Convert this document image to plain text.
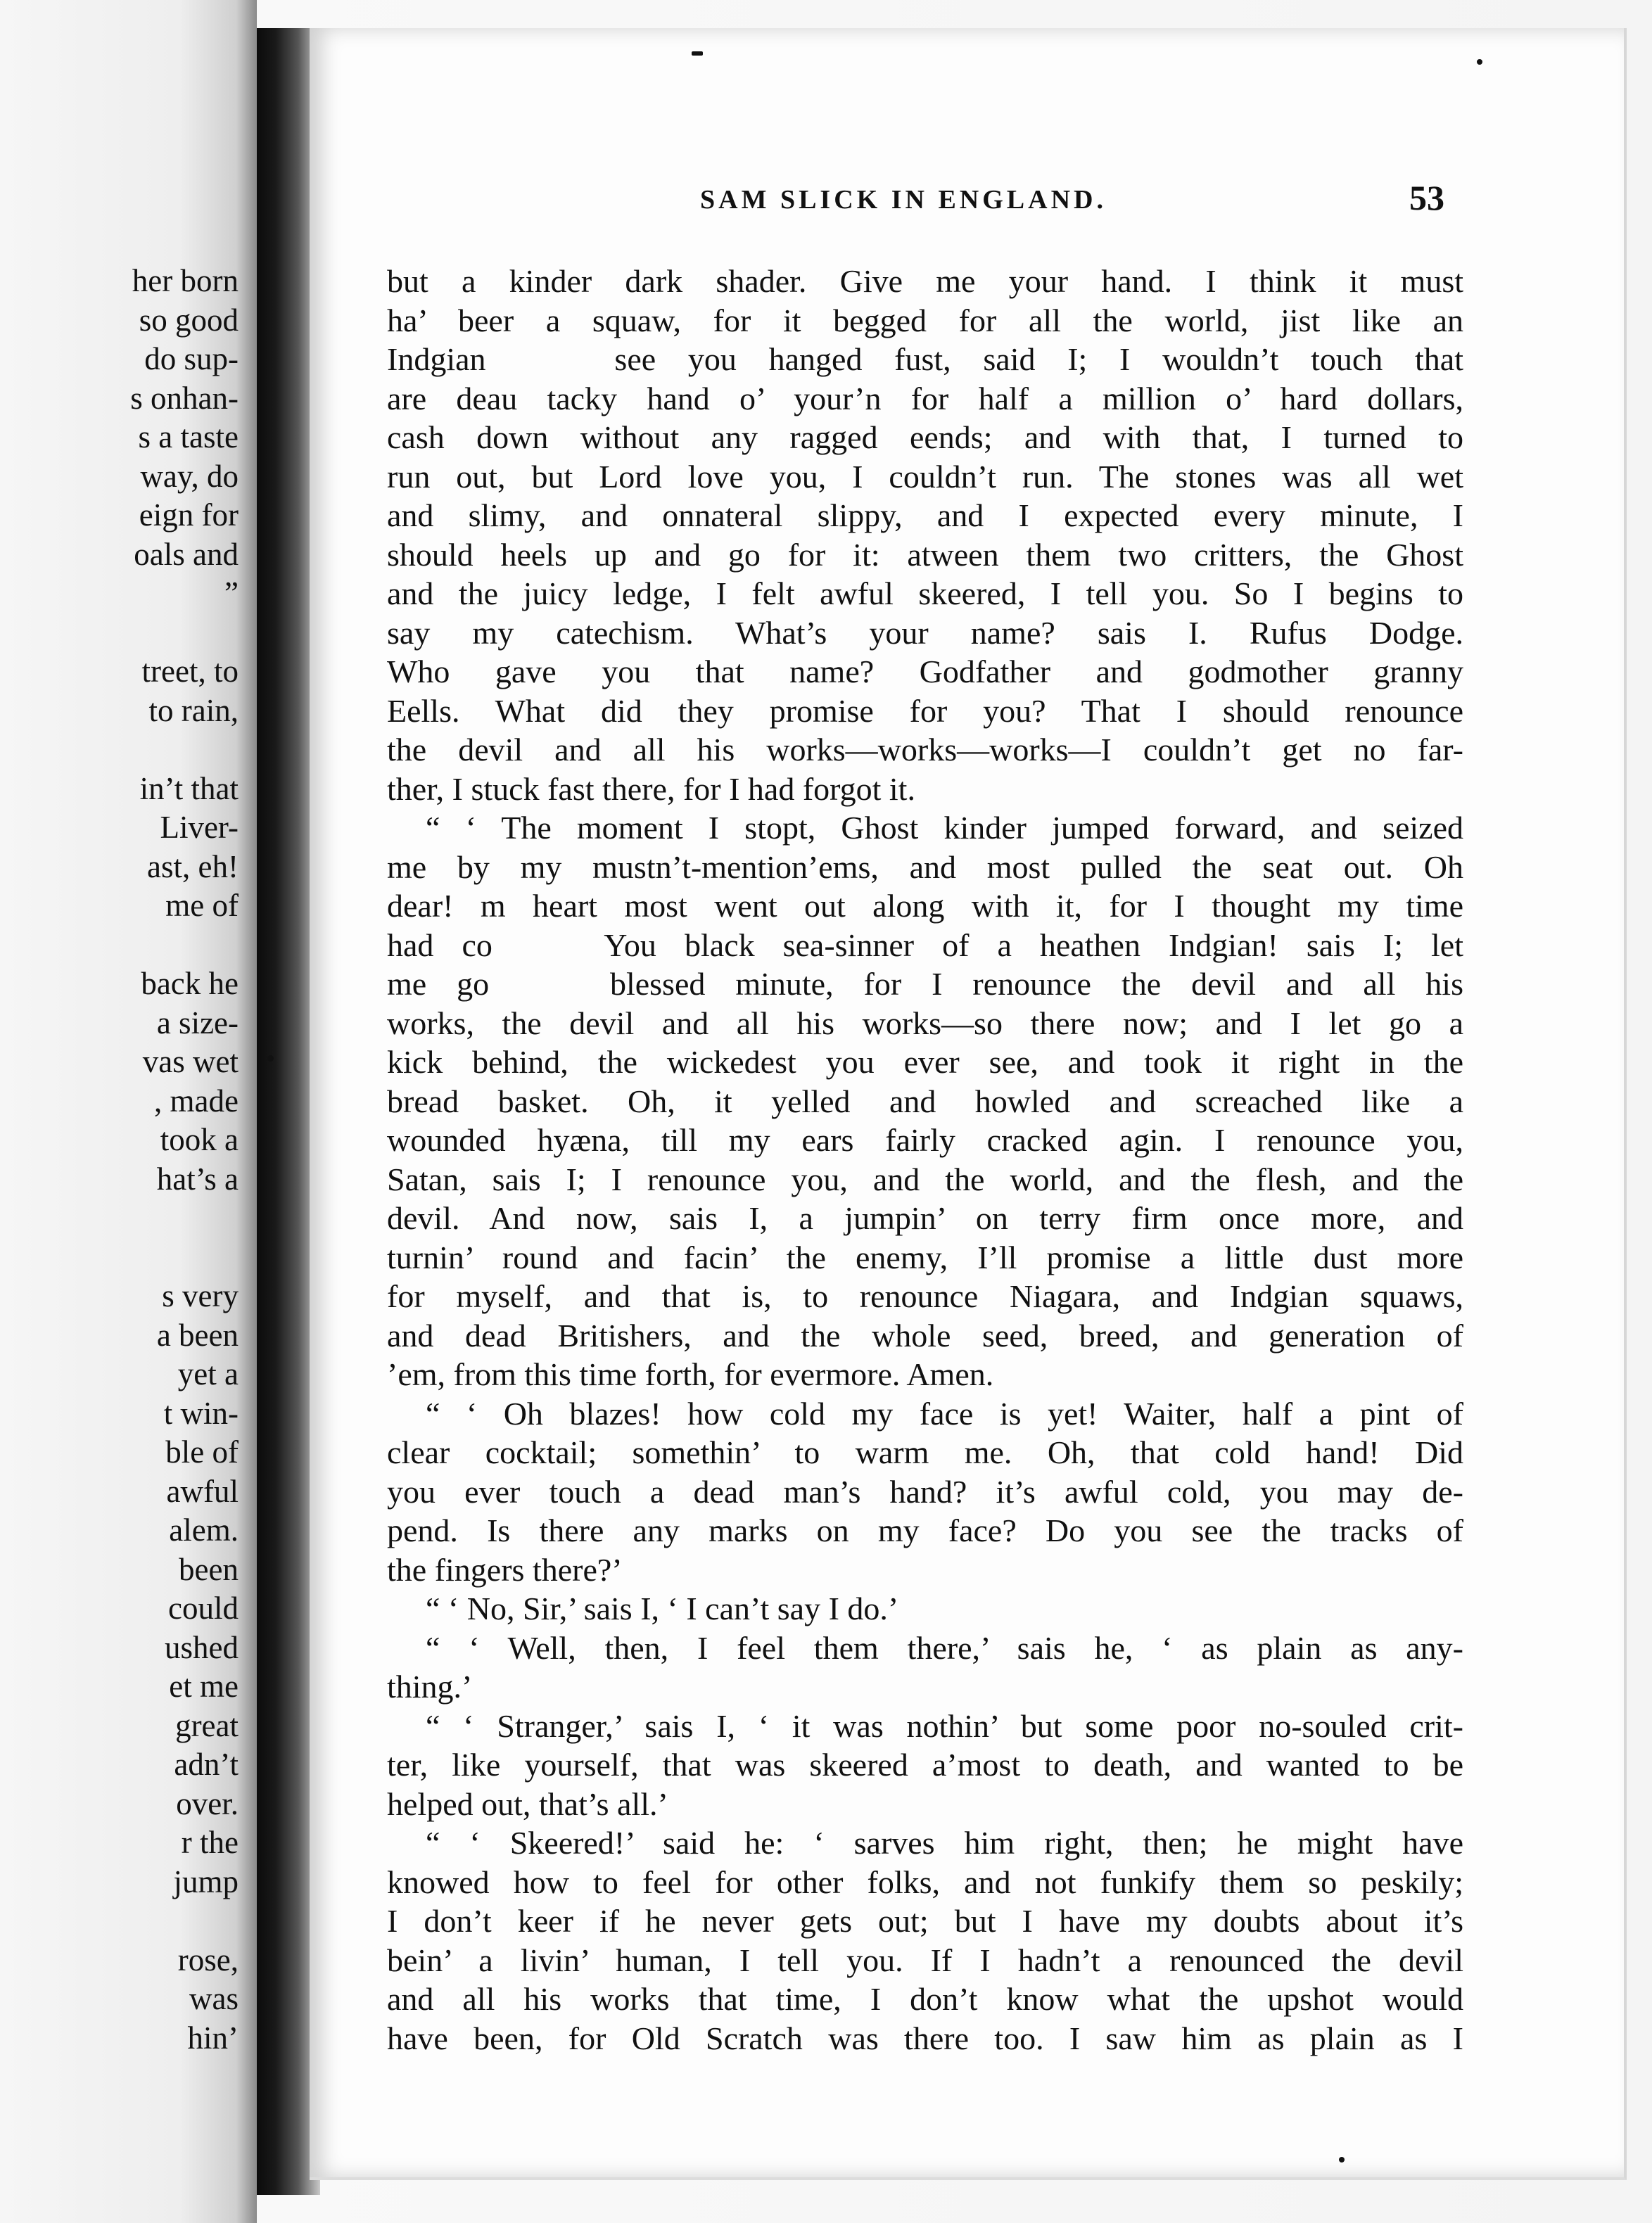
her born
so good
do sup-
s onhan-
s a taste
way, do
eign for
oals and
”
treet, to
to rain,
in’t that
Liver-
ast, eh!
me of
back he
a size-
vas wet
, made
took a
hat’s a
s very
a been
yet a
t win-
ble of
awful
alem.
been
could
ushed
et me
great
adn’t
over.
r the
jump
rose,
was
hin’
SAM SLICK IN ENGLAND.	53
but a kinder dark shader. Give me your hand. I think it must
ha’ beer a squaw, for it begged for all the world, jist like an
Indgian    see you hanged fust, said I; I wouldn’t touch that
are deau tacky hand o’ your’n for half a million o’ hard dollars,
cash down without any ragged eends; and with that, I turned to
run out, but Lord love you, I couldn’t run. The stones was all wet
and slimy, and onnateral slippy, and I expected every minute, I
should heels up and go for it: atween them two critters, the Ghost
and the juicy ledge, I felt awful skeered, I tell you. So I begins to
say my catechism. What’s your name? sais I. Rufus Dodge.
Who gave you that name? Godfather and godmother granny
Eells. What did they promise for you? That I should renounce
the devil and all his works—works—works—I couldn’t get no far-
ther, I stuck fast there, for I had forgot it.
“ ‘ The moment I stopt, Ghost kinder jumped forward, and seized
me by my mustn’t-mention’ems, and most pulled the seat out. Oh
dear! m heart most went out along with it, for I thought my time
had co    You black sea-sinner of a heathen Indgian! sais I; let
me go    blessed minute, for I renounce the devil and all his
works, the devil and all his works—so there now; and I let go a
kick behind, the wickedest you ever see, and took it right in the
bread basket. Oh, it yelled and howled and screached like a
wounded hyæna, till my ears fairly cracked agin. I renounce you,
Satan, sais I; I renounce you, and the world, and the flesh, and the
devil. And now, sais I, a jumpin’ on terry firm once more, and
turnin’ round and facin’ the enemy, I’ll promise a little dust more
for myself, and that is, to renounce Niagara, and Indgian squaws,
and dead Britishers, and the whole seed, breed, and generation of
’em, from this time forth, for evermore. Amen.
“ ‘ Oh blazes! how cold my face is yet! Waiter, half a pint of
clear cocktail; somethin’ to warm me. Oh, that cold hand! Did
you ever touch a dead man’s hand? it’s awful cold, you may de-
pend. Is there any marks on my face? Do you see the tracks of
the fingers there?’
“ ‘ No, Sir,’ sais I, ‘ I can’t say I do.’
“ ‘ Well, then, I feel them there,’ sais he, ‘ as plain as any-
thing.’
“ ‘ Stranger,’ sais I, ‘ it was nothin’ but some poor no-souled crit-
ter, like yourself, that was skeered a’most to death, and wanted to be
helped out, that’s all.’
“ ‘ Skeered!’ said he: ‘ sarves him right, then; he might have
knowed how to feel for other folks, and not funkify them so peskily;
I don’t keer if he never gets out; but I have my doubts about it’s
bein’ a livin’ human, I tell you. If I hadn’t a renounced the devil
and all his works that time, I don’t know what the upshot would
have been, for Old Scratch was there too. I saw him as plain as I
